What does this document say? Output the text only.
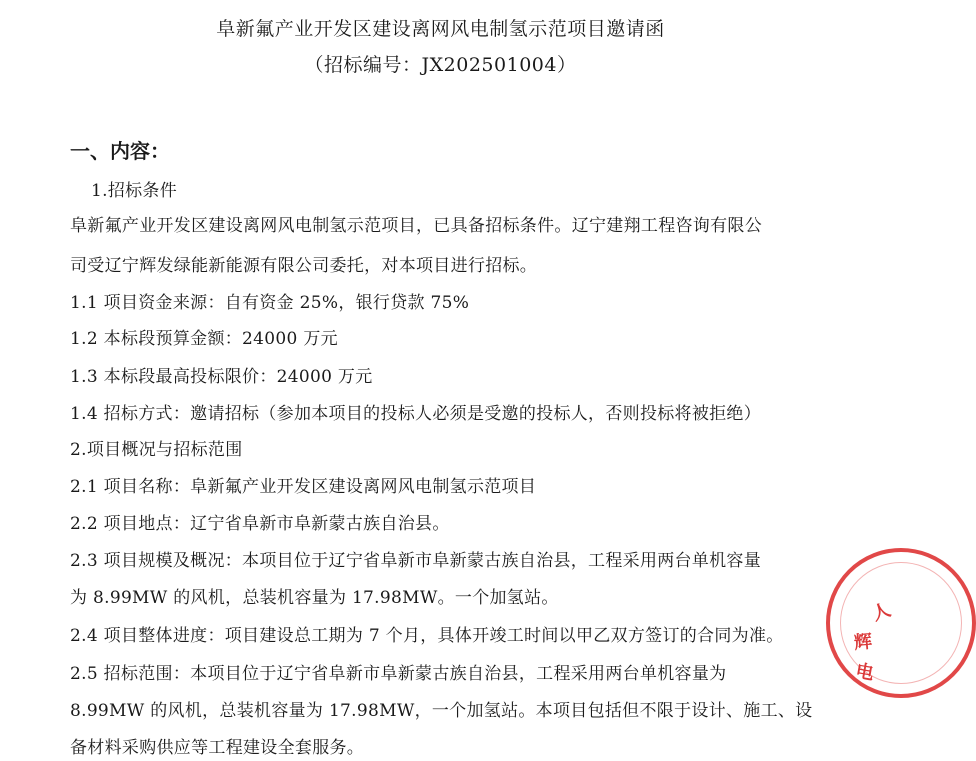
阜新氟产业开发区建设离网风电制氢示范项目邀请函
（招标编号：JX202501004）
一、内容：
1.招标条件
阜新氟产业开发区建设离网风电制氢示范项目，已具备招标条件。辽宁建翔工程咨询有限公
司受辽宁辉发绿能新能源有限公司委托，对本项目进行招标。
1.1 项目资金来源：自有资金 25%，银行贷款 75%
1.2 本标段预算金额：24000 万元
1.3 本标段最高投标限价：24000 万元
1.4 招标方式：邀请招标（参加本项目的投标人必须是受邀的投标人，否则投标将被拒绝）
2.项目概况与招标范围
2.1 项目名称：阜新氟产业开发区建设离网风电制氢示范项目
2.2 项目地点：辽宁省阜新市阜新蒙古族自治县。
2.3 项目规模及概况：本项目位于辽宁省阜新市阜新蒙古族自治县，工程采用两台单机容量
为 8.99MW 的风机，总装机容量为 17.98MW。一个加氢站。
2.4 项目整体进度：项目建设总工期为 7 个月，具体开竣工时间以甲乙双方签订的合同为准。
2.5 招标范围：本项目位于辽宁省阜新市阜新蒙古族自治县，工程采用两台单机容量为
8.99MW 的风机，总装机容量为 17.98MW，一个加氢站。本项目包括但不限于设计、施工、设
备材料采购供应等工程建设全套服务。
人
辉
电
